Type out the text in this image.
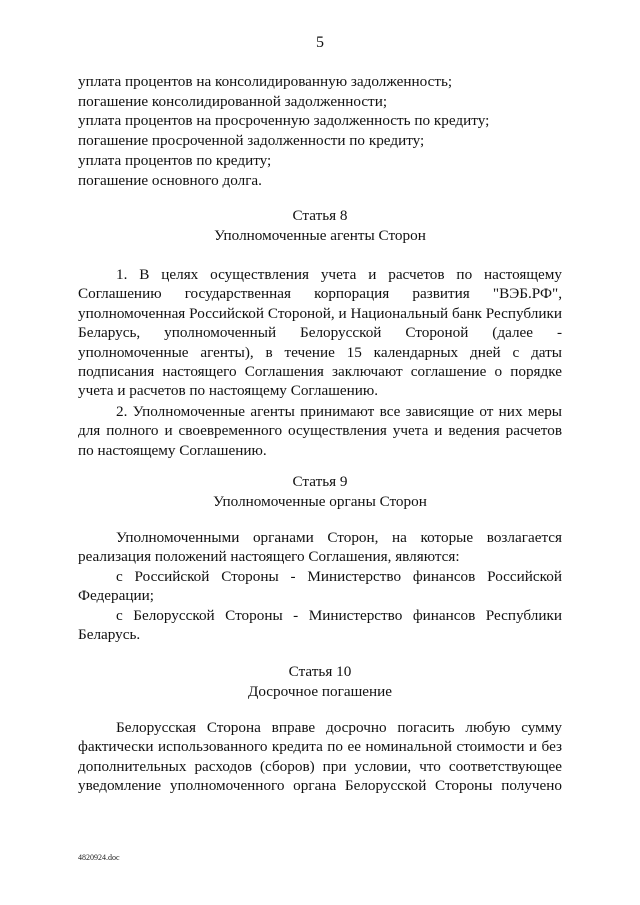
5

уплата процентов на консолидированную задолженность;

погашение консолидированной задолженности;

уплата процентов на просроченную задолженность по кредиту;

погашение просроченной задолженности по кредиту;

уплата процентов по кредиту;

погашение основного долга.

Статья 8

Уполномоченные агенты Сторон

1. В целях осуществления учета и расчетов по настоящему Соглашению государственная корпорация развития "ВЭБ.РФ", уполномоченная Российской Стороной, и Национальный банк Республики Беларусь, уполномоченный Белорусской Стороной (далее - уполномоченные агенты), в течение 15 календарных дней с даты подписания настоящего Соглашения заключают соглашение о порядке учета и расчетов по настоящему Соглашению.

2. Уполномоченные агенты принимают все зависящие от них меры для полного и своевременного осуществления учета и ведения расчетов по настоящему Соглашению.

Статья 9

Уполномоченные органы Сторон

Уполномоченными органами Сторон, на которые возлагается реализация положений настоящего Соглашения, являются:

с Российской Стороны - Министерство финансов Российской Федерации;

с Белорусской Стороны - Министерство финансов Республики Беларусь.

Статья 10

Досрочное погашение

Белорусская Сторона вправе досрочно погасить любую сумму фактически использованного кредита по ее номинальной стоимости и без дополнительных расходов (сборов) при условии, что соответствующее уведомление уполномоченного органа Белорусской Стороны получено

4820924.doc
